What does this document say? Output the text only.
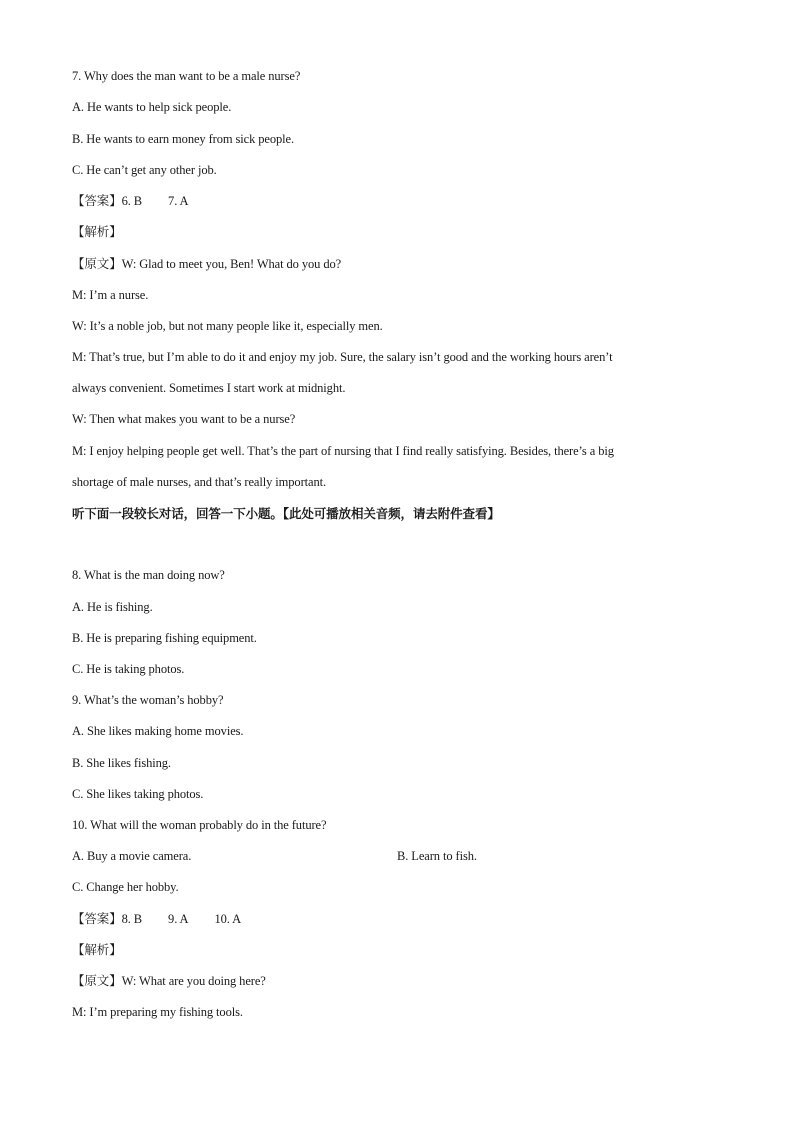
7. Why does the man want to be a male nurse?
A. He wants to help sick people.
B. He wants to earn money from sick people.
C. He can’t get any other job.
【答案】6. B 7. A
【解析】
【原文】W: Glad to meet you, Ben! What do you do?
M: I’m a nurse.
W: It’s a noble job, but not many people like it, especially men.
M: That’s true, but I’m able to do it and enjoy my job. Sure, the salary isn’t good and the working hours aren’t
always convenient. Sometimes I start work at midnight.
W: Then what makes you want to be a nurse?
M: I enjoy helping people get well. That’s the part of nursing that I find really satisfying. Besides, there’s a big
shortage of male nurses, and that’s really important.
听下面一段较长对话，回答一下小题。【此处可播放相关音频，请去附件查看】
8. What is the man doing now?
A. He is fishing.
B. He is preparing fishing equipment.
C. He is taking photos.
9. What’s the woman’s hobby?
A. She likes making home movies.
B. She likes fishing.
C. She likes taking photos.
10. What will the woman probably do in the future?
A. Buy a movie camera.	B. Learn to fish.
C. Change her hobby.
【答案】8. B 9. A 10. A
【解析】
【原文】W: What are you doing here?
M: I’m preparing my fishing tools.
